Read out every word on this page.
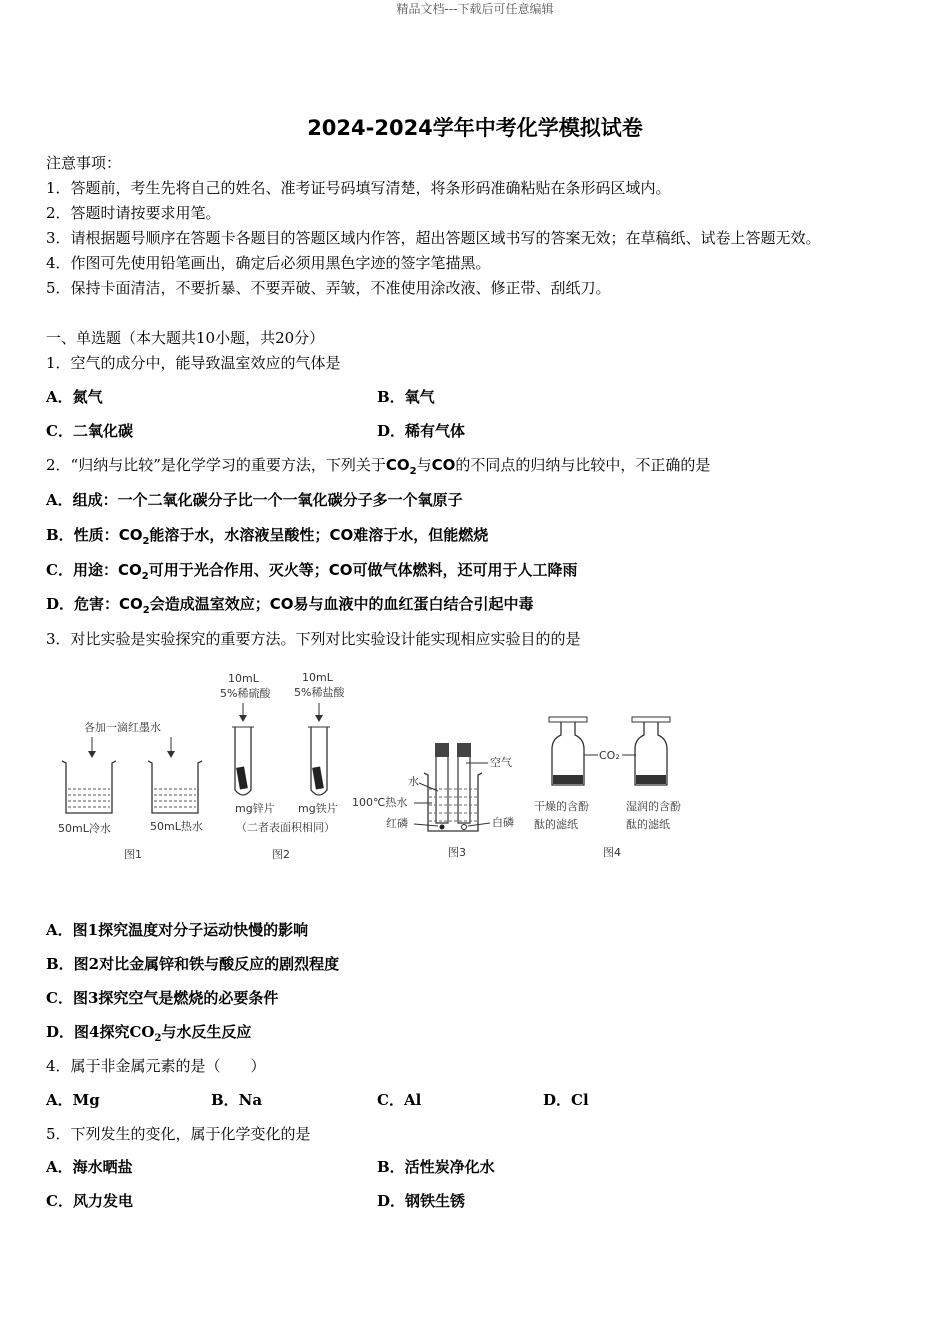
精品文档---下载后可任意编辑
2024-2024学年中考化学模拟试卷
注意事项：
1．答题前，考生先将自己的姓名、准考证号码填写清楚，将条形码准确粘贴在条形码区域内。
2．答题时请按要求用笔。
3．请根据题号顺序在答题卡各题目的答题区域内作答，超出答题区域书写的答案无效；在草稿纸、试卷上答题无效。
4．作图可先使用铅笔画出，确定后必须用黑色字迹的签字笔描黑。
5．保持卡面清洁，不要折暴、不要弄破、弄皱，不准使用涂改液、修正带、刮纸刀。
一、单选题（本大题共10小题，共20分）
1．空气的成分中，能导致温室效应的气体是
A．氮气	B．氧气
C．二氧化碳	D．稀有气体
2．“归纳与比较”是化学学习的重要方法，下列关于$CO_2$与CO的不同点的归纳与比较中，不正确的是
A．组成：一个二氧化碳分子比一个一氧化碳分子多一个氧原子
B．性质：$CO_2$能溶于水，水溶液呈酸性；CO难溶于水，但能燃烧
C．用途：$CO_2$可用于光合作用、灭火等；CO可做气体燃料，还可用于人工降雨
D．危害：$CO_2$会造成温室效应；CO易与血液中的血红蛋白结合引起中毒
3．对比实验是实验探究的重要方法。下列对比实验设计能实现相应实验目的的是
各加一滴红墨水
50mL冷水	50mL热水
图1
10mL
5%稀硫酸
10mL
5%稀盐酸
mg锌片 mg铁片
（二者表面积相同）
图2
水
空气
100℃热水
红磷	白磷
图3
CO₂
干燥的含酚
酞的滤纸
湿润的含酚
酞的滤纸
图4
A．图1探究温度对分子运动快慢的影响
B．图2对比金属锌和铁与酸反应的剧烈程度
C．图3探究空气是燃烧的必要条件
D．图4探究$CO_2$与水反生反应
4．属于非金属元素的是（　　）
A．Mg	B．Na	C．Al	D．Cl
5．下列发生的变化，属于化学变化的是
A．海水晒盐	B．活性炭净化水
C．风力发电	D．钢铁生锈
